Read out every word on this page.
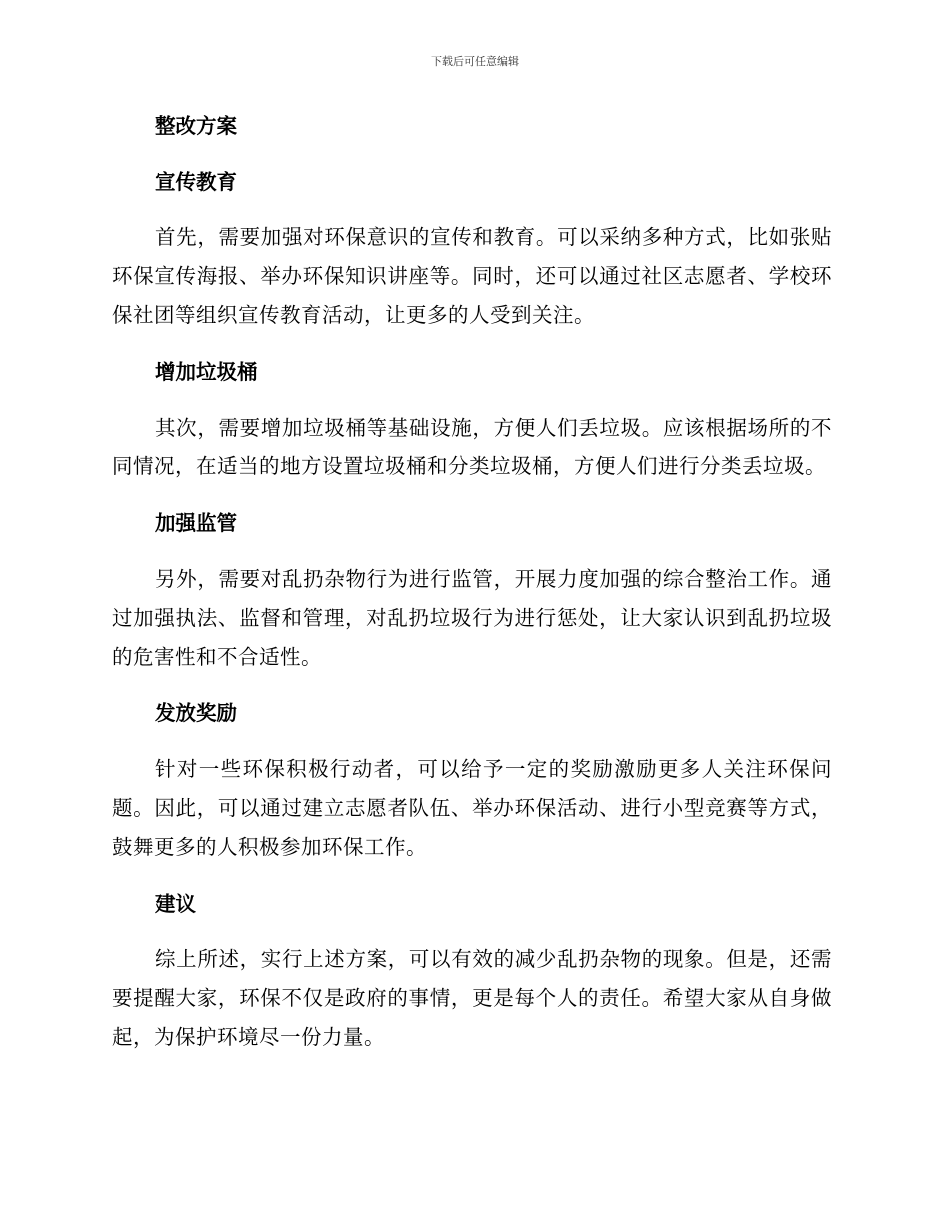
下载后可任意编辑
整改方案
宣传教育

首先，需要加强对环保意识的宣传和教育。可以采纳多种方式，比如张贴环保宣传海报、举办环保知识讲座等。同时，还可以通过社区志愿者、学校环保社团等组织宣传教育活动，让更多的人受到关注。

增加垃圾桶

其次，需要增加垃圾桶等基础设施，方便人们丢垃圾。应该根据场所的不同情况，在适当的地方设置垃圾桶和分类垃圾桶，方便人们进行分类丢垃圾。

加强监管

另外，需要对乱扔杂物行为进行监管，开展力度加强的综合整治工作。通过加强执法、监督和管理，对乱扔垃圾行为进行惩处，让大家认识到乱扔垃圾的危害性和不合适性。

发放奖励

针对一些环保积极行动者，可以给予一定的奖励激励更多人关注环保问题。因此，可以通过建立志愿者队伍、举办环保活动、进行小型竞赛等方式，鼓舞更多的人积极参加环保工作。

建议

综上所述，实行上述方案，可以有效的减少乱扔杂物的现象。但是，还需要提醒大家，环保不仅是政府的事情，更是每个人的责任。希望大家从自身做起，为保护环境尽一份力量。
